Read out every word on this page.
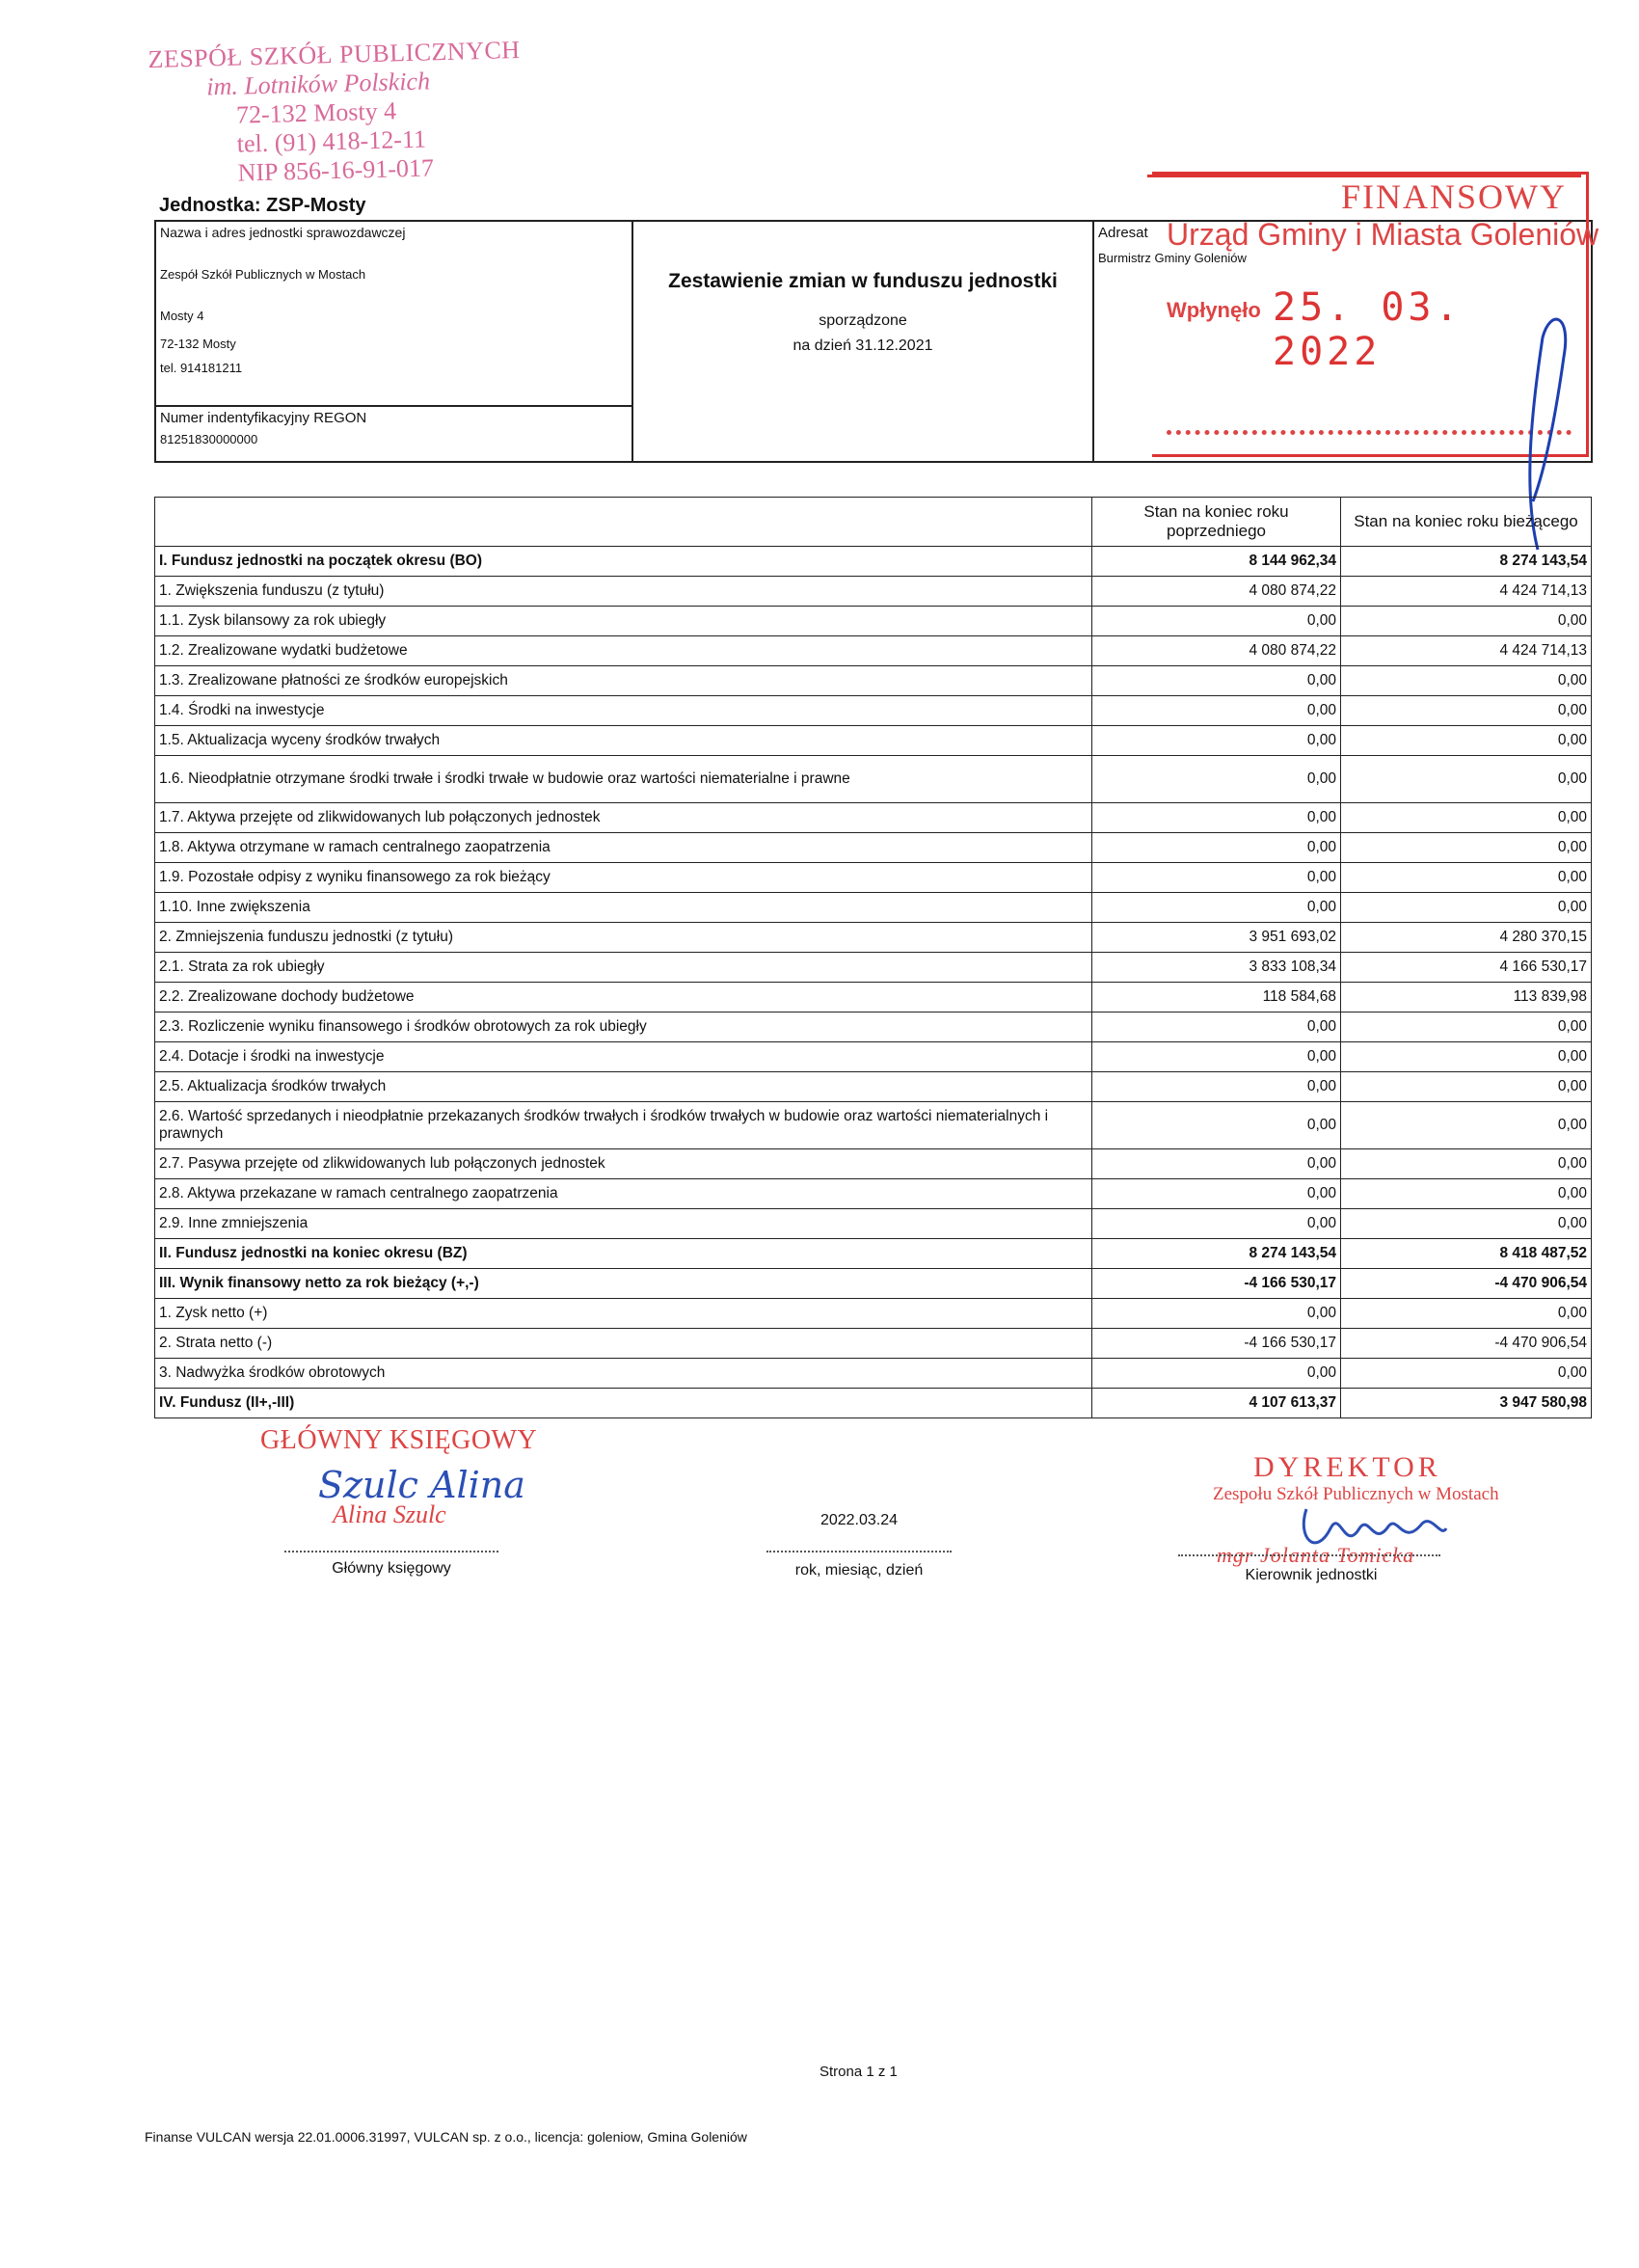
ZESPÓŁ SZKÓŁ PUBLICZNYCH
im. Lotników Polskich
72-132 Mosty 4
tel. (91) 418-12-11
NIP 856-16-91-017
Jednostka: ZSP-Mosty
Nazwa i adres jednostki sprawozdawczej
Zespół Szkół Publicznych w Mostach
Mosty 4
72-132 Mosty
tel. 914181211

Zestawienie zmian w funduszu jednostki
sporządzone
na dzień 31.12.2021

Adresat
Burmistrz Gminy Goleniów

Numer indentyfikacyjny REGON
81251830000000
FINANSOWY
Urząd Gminy i Miasta Goleniów
Wpłynęło 25. 03. 2022
	Stan na koniec roku poprzedniego	Stan na koniec roku bieżącego
I. Fundusz jednostki na początek okresu (BO)	8 144 962,34	8 274 143,54
1. Zwiększenia funduszu (z tytułu)	4 080 874,22	4 424 714,13
1.1. Zysk bilansowy za rok ubiegły	0,00	0,00
1.2. Zrealizowane wydatki budżetowe	4 080 874,22	4 424 714,13
1.3. Zrealizowane płatności ze środków europejskich	0,00	0,00
1.4. Środki na inwestycje	0,00	0,00
1.5. Aktualizacja wyceny środków trwałych	0,00	0,00
1.6. Nieodpłatnie otrzymane środki trwałe i środki trwałe w budowie oraz wartości niematerialne i prawne	0,00	0,00
1.7. Aktywa przejęte od zlikwidowanych lub połączonych jednostek	0,00	0,00
1.8. Aktywa otrzymane w ramach centralnego zaopatrzenia	0,00	0,00
1.9. Pozostałe odpisy z wyniku finansowego za rok bieżący	0,00	0,00
1.10. Inne zwiększenia	0,00	0,00
2. Zmniejszenia funduszu jednostki (z tytułu)	3 951 693,02	4 280 370,15
2.1. Strata za rok ubiegły	3 833 108,34	4 166 530,17
2.2. Zrealizowane dochody budżetowe	118 584,68	113 839,98
2.3. Rozliczenie wyniku finansowego i środków obrotowych za rok ubiegły	0,00	0,00
2.4. Dotacje i środki na inwestycje	0,00	0,00
2.5. Aktualizacja środków trwałych	0,00	0,00
2.6. Wartość sprzedanych i nieodpłatnie przekazanych środków trwałych i środków trwałych w budowie oraz wartości niematerialnych i prawnych	0,00	0,00
2.7. Pasywa przejęte od zlikwidowanych lub połączonych jednostek	0,00	0,00
2.8. Aktywa przekazane w ramach centralnego zaopatrzenia	0,00	0,00
2.9. Inne zmniejszenia	0,00	0,00
II. Fundusz jednostki na koniec okresu (BZ)	8 274 143,54	8 418 487,52
III. Wynik finansowy netto za rok bieżący (+,-)	-4 166 530,17	-4 470 906,54
1. Zysk netto (+)	0,00	0,00
2. Strata netto (-)	-4 166 530,17	-4 470 906,54
3. Nadwyżka środków obrotowych	0,00	0,00
IV. Fundusz (II+,-III)	4 107 613,37	3 947 580,98
GŁÓWNY KSIĘGOWY
Szulc Alina
Alina Szulc
Główny księgowy
2022.03.24
rok, miesiąc, dzień
DYREKTOR
Zespołu Szkół Publicznych w Mostach
mgr Jolanta Tomicka
Kierownik jednostki
Strona 1 z 1
Finanse VULCAN wersja 22.01.0006.31997, VULCAN sp. z o.o., licencja: goleniow, Gmina Goleniów
